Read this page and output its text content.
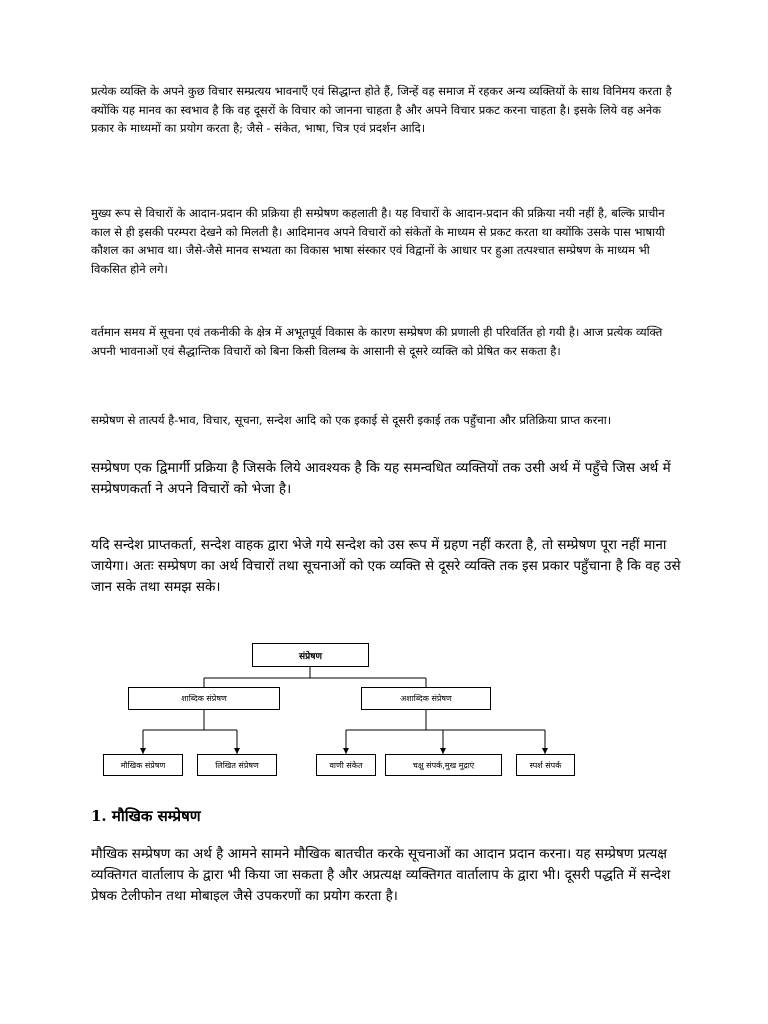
प्रत्येक व्यक्ति के अपने कुछ विचार सम्प्रत्यय भावनाएँ एवं सिद्धान्त होते हैं, जिन्हें वह समाज में रहकर अन्य व्यक्तियों के साथ विनिमय करता है क्योंकि यह मानव का स्वभाव है कि वह दूसरों के विचार को जानना चाहता है और अपने विचार प्रकट करना चाहता है। इसके लिये वह अनेक प्रकार के माध्यमों का प्रयोग करता है; जैसे - संकेत, भाषा, चित्र एवं प्रदर्शन आदि।

मुख्य रूप से विचारों के आदान-प्रदान की प्रक्रिया ही सम्प्रेषण कहलाती है। यह विचारों के आदान-प्रदान की प्रक्रिया नयी नहीं है, बल्कि प्राचीन काल से ही इसकी परम्परा देखने को मिलती है। आदिमानव अपने विचारों को संकेतों के माध्यम से प्रकट करता था क्योंकि उसके पास भाषायी कौशल का अभाव था। जैसे-जैसे मानव सभ्यता का विकास भाषा संस्कार एवं विद्वानों के आधार पर हुआ तत्पश्चात सम्प्रेषण के माध्यम भी विकसित होने लगे।

वर्तमान समय में सूचना एवं तकनीकी के क्षेत्र में अभूतपूर्व विकास के कारण सम्प्रेषण की प्रणाली ही परिवर्तित हो गयी है। आज प्रत्येक व्यक्ति अपनी भावनाओं एवं सैद्धान्तिक विचारों को बिना किसी विलम्ब के आसानी से दूसरे व्यक्ति को प्रेषित कर सकता है।

सम्प्रेषण से तात्पर्य है-भाव, विचार, सूचना, सन्देश आदि को एक इकाई से दूसरी इकाई तक पहुँचाना और प्रतिक्रिया प्राप्त करना।

सम्प्रेषण एक द्विमार्गी प्रक्रिया है जिसके लिये आवश्यक है कि यह समन्वधित व्यक्तियों तक उसी अर्थ में पहुँचे जिस अर्थ में सम्प्रेषणकर्ता ने अपने विचारों को भेजा है।

यदि सन्देश प्राप्तकर्ता, सन्देश वाहक द्वारा भेजे गये सन्देश को उस रूप में ग्रहण नहीं करता है, तो सम्प्रेषण पूरा नहीं माना जायेगा। अतः सम्प्रेषण का अर्थ विचारों तथा सूचनाओं को एक व्यक्ति से दूसरे व्यक्ति तक इस प्रकार पहुँचाना है कि वह उसे जान सके तथा समझ सके।

संप्रेषण
शाब्दिक संप्रेषण	अशाब्दिक संप्रेषण
मौखिक संप्रेषण	लिखित संप्रेषण	वाणी संकेत	चक्षु संपर्क,मुख मुद्राएं	स्पर्श संपर्क
1. मौखिक सम्प्रेषण

मौखिक सम्प्रेषण का अर्थ है आमने सामने मौखिक बातचीत करके सूचनाओं का आदान प्रदान करना। यह सम्प्रेषण प्रत्यक्ष व्यक्तिगत वार्तालाप के द्वारा भी किया जा सकता है और अप्रत्यक्ष व्यक्तिगत वार्तालाप के द्वारा भी। दूसरी पद्धति में सन्देश प्रेषक टेलीफोन तथा मोबाइल जैसे उपकरणों का प्रयोग करता है।
